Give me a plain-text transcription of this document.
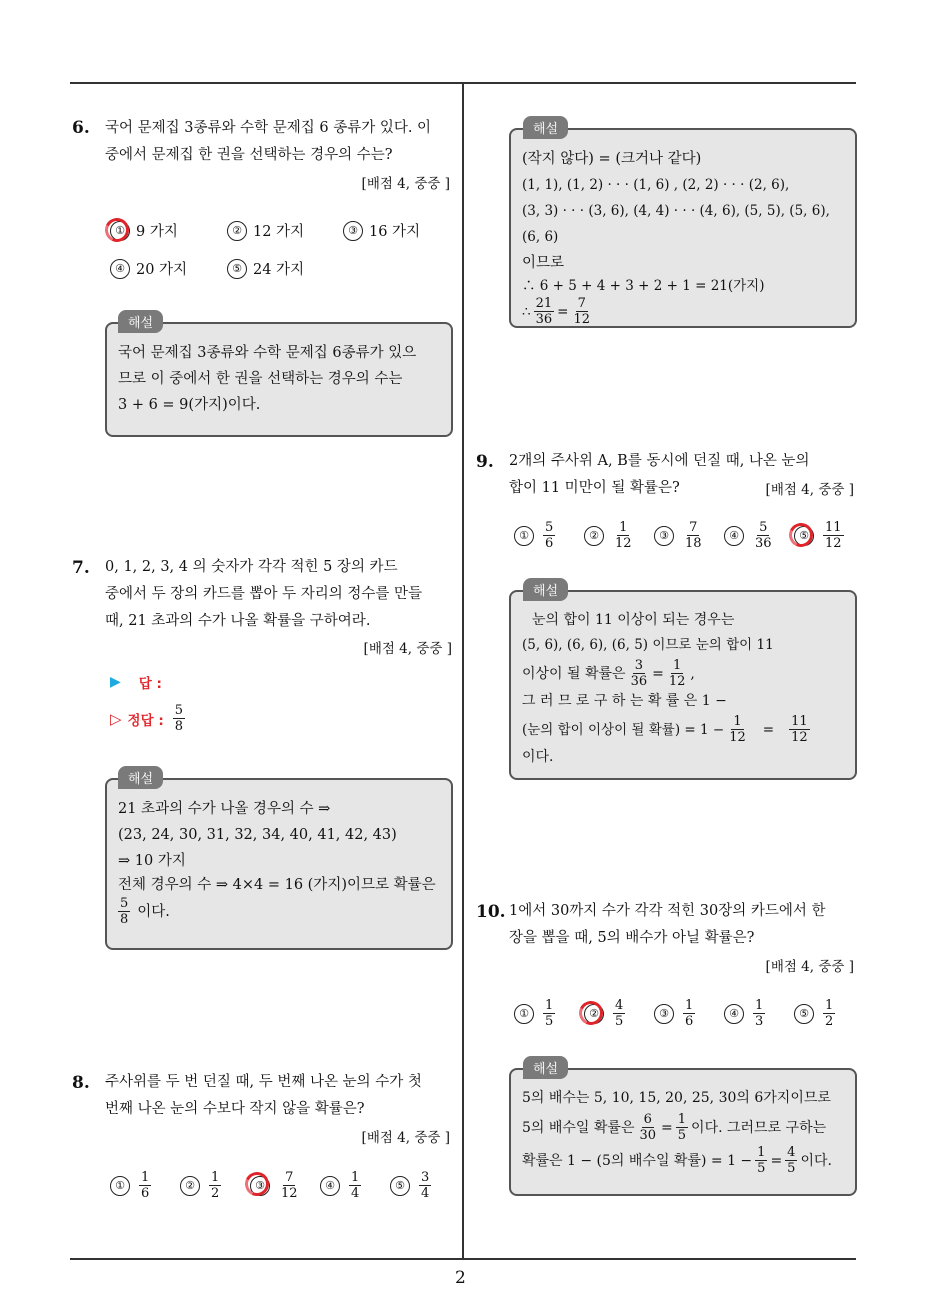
6. 국어 문제집 3종류와 수학 문제집 6 종류가 있다. 이
중에서 문제집 한 권을 선택하는 경우의 수는?
[배점 4, 중중 ]
① 9 가지	② 12 가지	③ 16 가지
④ 20 가지	⑤ 24 가지
해설
국어 문제집 3종류와 수학 문제집 6종류가 있으
므로 이 중에서 한 권을 선택하는 경우의 수는
3 + 6 = 9(가지)이다.
7. 0, 1, 2, 3, 4 의 숫자가 각각 적힌 5 장의 카드
중에서 두 장의 카드를 뽑아 두 자리의 정수를 만들
때, 21 초과의 수가 나올 확률을 구하여라.
[배점 4, 중중 ]
▶ 답 :
▷ 정답 : $\frac{5}{8}$
해설
21 초과의 수가 나올 경우의 수 ⇒
(23, 24, 30, 31, 32, 34, 40, 41, 42, 43)
⇒ 10 가지
전체 경우의 수 ⇒ 4×4 = 16 (가지)이므로 확률은
$\frac{5}{8}$ 이다.
8. 주사위를 두 번 던질 때, 두 번째 나온 눈의 수가 첫
번째 나온 눈의 수보다 작지 않을 확률은?
[배점 4, 중중 ]
①	$\frac{1}{6}$	②	$\frac{1}{2}$	③	$\frac{7}{12}$	④	$\frac{1}{4}$	⑤	$\frac{3}{4}$
해설
(작지 않다) = (크거나 같다)
(1, 1), (1, 2) · · · (1, 6) , (2, 2) · · · (2, 6),
(3, 3) · · · (3, 6), (4, 4) · · · (4, 6), (5, 5), (5, 6), (6, 6)
이므로
∴ 6 + 5 + 4 + 3 + 2 + 1 = 21(가지)
∴ $\frac{21}{36} = \frac{7}{12}$
9. 2개의 주사위 A, B를 동시에 던질 때, 나온 눈의
합이 11 미만이 될 확률은?	[배점 4, 중중 ]
①	$\frac{5}{6}$	②	$\frac{1}{12}$	③	$\frac{7}{18}$	④	$\frac{5}{36}$	⑤	$\frac{11}{12}$
해설
눈의 합이 11 이상이 되는 경우는
(5, 6), (6, 6), (6, 5) 이므로 눈의 합이 11
이상이 될 확률은 $\frac{3}{36} = \frac{1}{12}$ ,
그 러 므 로 구 하 는 확 률 은 1 −
(눈의 합이 이상이 될 확률) = $1 - \frac{1}{12} = \frac{11}{12}$
이다.
10. 1에서 30까지 수가 각각 적힌 30장의 카드에서 한
장을 뽑을 때, 5의 배수가 아닐 확률은?
[배점 4, 중중 ]
①	$\frac{1}{5}$	②	$\frac{4}{5}$	③	$\frac{1}{6}$	④	$\frac{1}{3}$	⑤	$\frac{1}{2}$
해설
5의 배수는 5, 10, 15, 20, 25, 30의 6가지이므로
5의 배수일 확률은 $\frac{6}{30} = \frac{1}{5}$ 이다. 그러므로 구하는
확률은 1 − (5의 배수일 확률) = $1 - \frac{1}{5} = \frac{4}{5}$ 이다.
2
